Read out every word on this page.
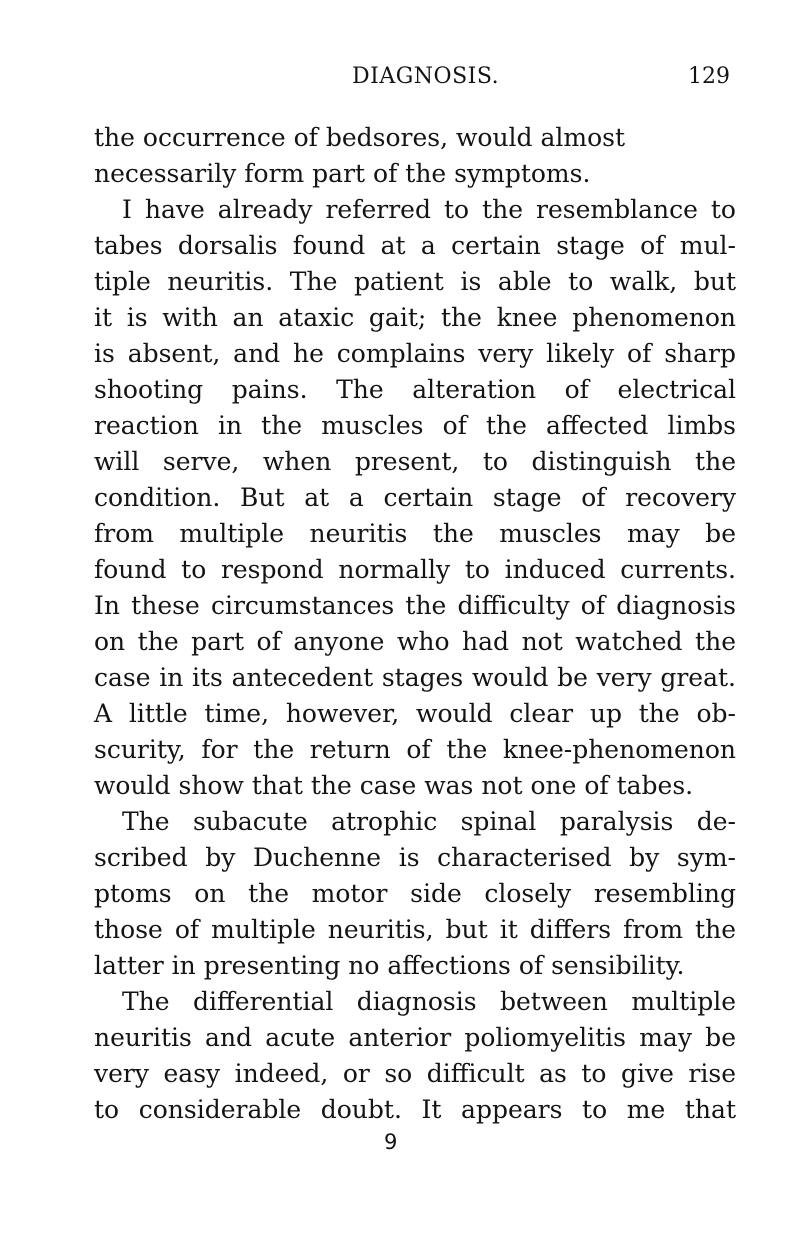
DIAGNOSIS.	129
the occurrence of bedsores, would almost
necessarily form part of the symptoms.
I have already referred to the resemblance to
tabes dorsalis found at a certain stage of mul-
tiple neuritis. The patient is able to walk, but
it is with an ataxic gait; the knee phenomenon
is absent, and he complains very likely of sharp
shooting pains. The alteration of electrical
reaction in the muscles of the affected limbs
will serve, when present, to distinguish the
condition. But at a certain stage of recovery
from multiple neuritis the muscles may be
found to respond normally to induced currents.
In these circumstances the difficulty of diagnosis
on the part of anyone who had not watched the
case in its antecedent stages would be very great.
A little time, however, would clear up the ob-
scurity, for the return of the knee-phenomenon
would show that the case was not one of tabes.
The subacute atrophic spinal paralysis de-
scribed by Duchenne is characterised by sym-
ptoms on the motor side closely resembling
those of multiple neuritis, but it differs from the
latter in presenting no affections of sensibility.
The differential diagnosis between multiple
neuritis and acute anterior poliomyelitis may be
very easy indeed, or so difficult as to give rise
to considerable doubt. It appears to me that
9
